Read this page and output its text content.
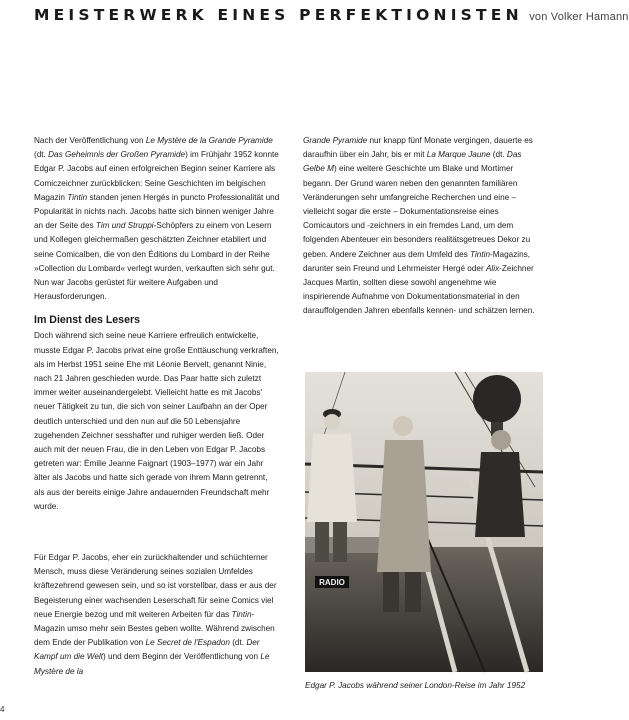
MEISTERWERK EINES PERFEKTIONISTEN von Volker Hamann

Nach der Veröffentlichung von Le Mystère de la Grande Pyramide (dt. Das Geheimnis der Großen Pyramide) im Frühjahr 1952 konnte Edgar P. Jacobs auf einen erfolgreichen Beginn seiner Karriere als Comiczeichner zurückblicken: Seine Geschichten im belgischen Magazin Tintin standen jenen Hergés in puncto Professionalität und Popularität in nichts nach. Jacobs hatte sich binnen weniger Jahre an der Seite des Tim und Struppi-Schöpfers zu einem von Lesern und Kollegen gleichermaßen geschätzten Zeichner etabliert und seine Comicalben, die von den Éditions du Lombard in der Reihe »Collection du Lombard« verlegt wurden, verkauften sich sehr gut. Nun war Jacobs gerüstet für weitere Aufgaben und Herausforderungen.

Im Dienst des Lesers

Doch während sich seine neue Karriere erfreulich entwickelte, musste Edgar P. Jacobs privat eine große Enttäuschung verkraften, als im Herbst 1951 seine Ehe mit Léonie Bervelt, genannt Ninie, nach 21 Jahren geschieden wurde. Das Paar hatte sich zuletzt immer weiter auseinandergelebt. Vielleicht hatte es mit Jacobs' neuer Tätigkeit zu tun, die sich von seiner Laufbahn an der Oper deutlich unterschied und den nun auf die 50 Lebensjahre zugehenden Zeichner sesshafter und ruhiger werden ließ. Oder auch mit der neuen Frau, die in den Leben von Edgar P. Jacobs getreten war: Émilie Jeanne Faignart (1903–1977) war ein Jahr älter als Jacobs und hatte sich gerade von ihrem Mann getrennt, als aus der bereits einige Jahre andauernden Freundschaft mehr wurde.

Für Edgar P. Jacobs, eher ein zurückhaltender und schüchterner Mensch, muss diese Veränderung seines sozialen Umfeldes kräftezehrend gewesen sein, und so ist vorstellbar, dass er aus der Begeisterung einer wachsenden Leserschaft für seine Comics viel neue Energie bezog und mit weiteren Arbeiten für das Tintin-Magazin umso mehr sein Bestes geben wollte. Während zwischen dem Ende der Publikation von Le Secret de l'Espadon (dt. Der Kampf um die Welt) und dem Beginn der Veröffentlichung von Le Mystère de la

Grande Pyramide nur knapp fünf Monate vergingen, dauerte es daraufhin über ein Jahr, bis er mit La Marque Jaune (dt. Das Gelbe M) eine weitere Geschichte um Blake und Mortimer begann. Der Grund waren neben den genannten familiären Veränderungen sehr umfangreiche Recherchen und eine – vielleicht sogar die erste – Dokumentationsreise eines Comicautors und -zeichners in ein fremdes Land, um dem folgenden Abenteuer ein besonders realitätsgetreues Dekor zu geben. Andere Zeichner aus dem Umfeld des Tintin-Magazins, darunter sein Freund und Lehrmeister Hergé oder Alix-Zeichner Jacques Martin, sollten diese sowohl angenehme wie inspirierende Aufnahme von Dokumentationsmaterial in den darauffolgenden Jahren ebenfalls kennen- und schätzen lernen.

RADIO
Edgar P. Jacobs während seiner London-Reise im Jahr 1952
4
